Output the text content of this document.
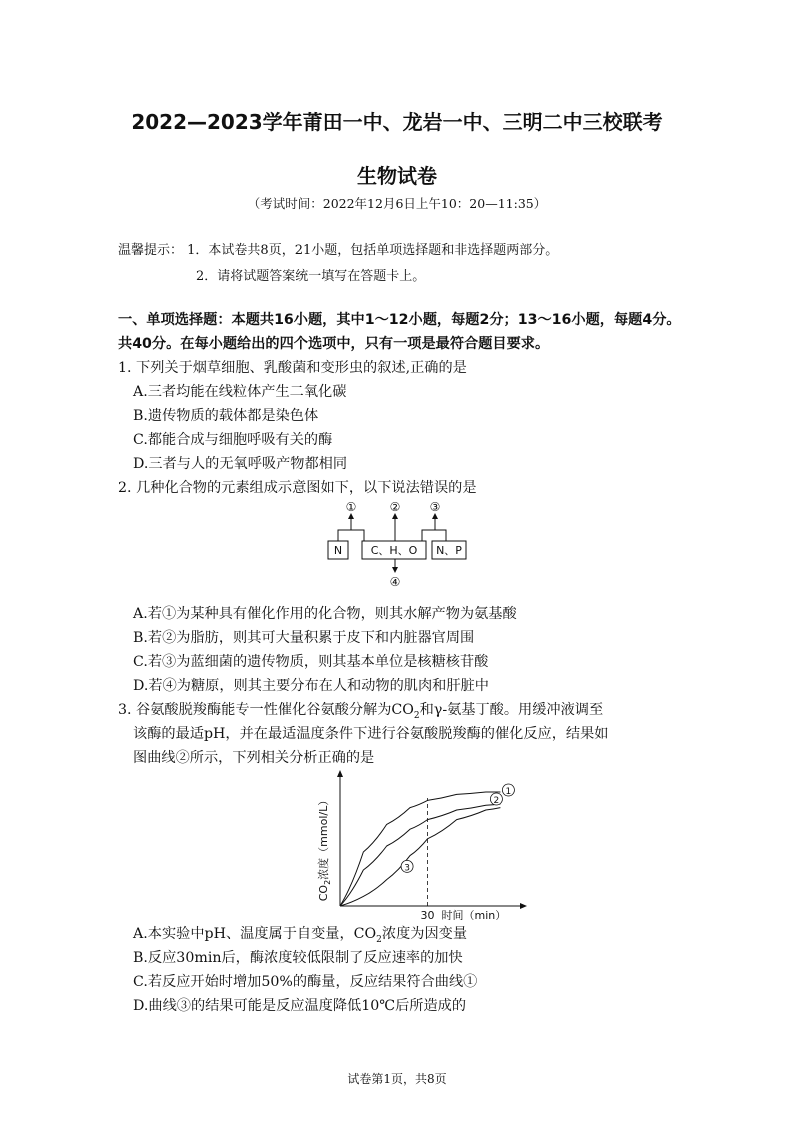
2022—2023学年莆田一中、龙岩一中、三明二中三校联考
生物试卷
（考试时间：2022年12月6日上午10：20—11:35）
温馨提示： 1．本试卷共8页，21小题，包括单项选择题和非选择题两部分。
2．请将试题答案统一填写在答题卡上。
一、单项选择题：本题共16小题，其中1～12小题，每题2分；13～16小题，每题4分。共40分。在每小题给出的四个选项中，只有一项是最符合题目要求。
1. 下列关于烟草细胞、乳酸菌和变形虫的叙述,正确的是
A.三者均能在线粒体产生二氧化碳
B.遗传物质的载体都是染色体
C.都能合成与细胞呼吸有关的酶
D.三者与人的无氧呼吸产物都相同
2. 几种化合物的元素组成示意图如下，以下说法错误的是
N	C、H、O N、P
①	② ③
④
A.若①为某种具有催化作用的化合物，则其水解产物为氨基酸
B.若②为脂肪，则其可大量积累于皮下和内脏器官周围
C.若③为蓝细菌的遗传物质，则其基本单位是核糖核苷酸
D.若④为糖原，则其主要分布在人和动物的肌肉和肝脏中
3. 谷氨酸脱羧酶能专一性催化谷氨酸分解为$CO_2$和γ-氨基丁酸。用缓冲液调至
该酶的最适pH，并在最适温度条件下进行谷氨酸脱羧酶的催化反应，结果如
图曲线②所示，下列相关分析正确的是
1
2
3
$CO_2$浓度（mmol/L）
30 时间（min）
A.本实验中pH、温度属于自变量，$CO_2$浓度为因变量
B.反应30min后，酶浓度较低限制了反应速率的加快
C.若反应开始时增加50%的酶量，反应结果符合曲线①
D.曲线③的结果可能是反应温度降低10℃后所造成的
试卷第1页，共8页
